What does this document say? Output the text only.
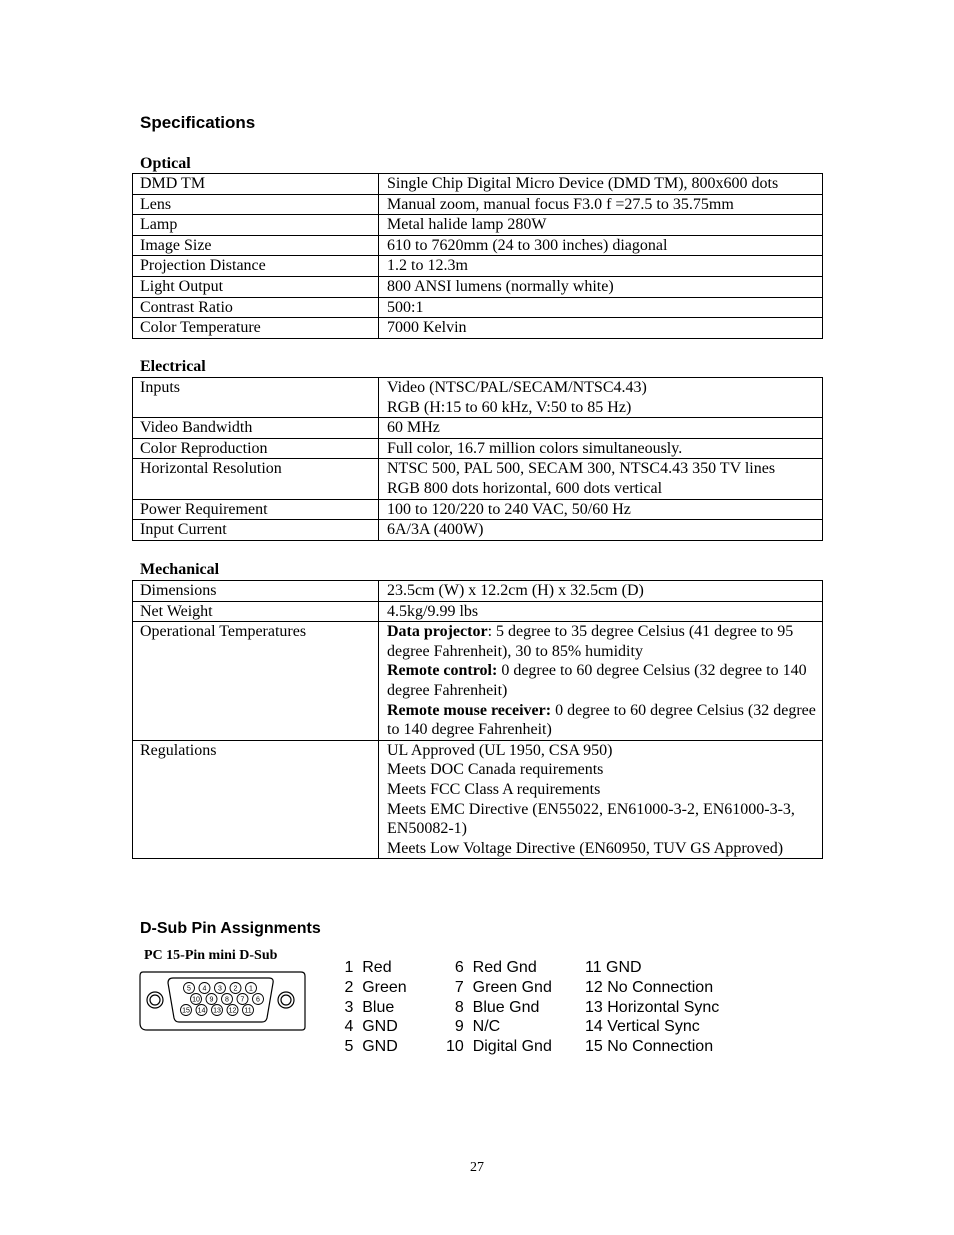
Specifications
Optical
DMD TM	Single Chip Digital Micro Device (DMD TM), 800x600 dots
Lens	Manual zoom, manual focus F3.0 f =27.5 to 35.75mm
Lamp	Metal halide lamp 280W
Image Size	610 to 7620mm (24 to 300 inches) diagonal
Projection Distance	1.2 to 12.3m
Light Output	800 ANSI lumens (normally white)
Contrast Ratio	500:1
Color Temperature	7000 Kelvin
Electrical
Inputs	Video (NTSC/PAL/SECAM/NTSC4.43)
RGB (H:15 to 60 kHz, V:50 to 85 Hz)

Video Bandwidth	60 MHz

Color Reproduction	Full color, 16.7 million colors simultaneously.

Horizontal Resolution	NTSC 500, PAL 500, SECAM 300, NTSC4.43 350 TV lines
RGB 800 dots horizontal, 600 dots vertical

Power Requirement	100 to 120/220 to 240 VAC, 50/60 Hz

Input Current	6A/3A (400W)
Mechanical
Dimensions	23.5cm (W) x 12.2cm (H) x 32.5cm (D)
Net Weight	4.5kg/9.99 lbs
Operational Temperatures	Data projector: 5 degree to 35 degree Celsius (41 degree to 95 degree Fahrenheit), 30 to 85% humidity
Remote control: 0 degree to 60 degree Celsius (32 degree to 140 degree Fahrenheit)
Remote mouse receiver: 0 degree to 60 degree Celsius (32 degree to 140 degree Fahrenheit)

Regulations	UL Approved (UL 1950, CSA 950)
Meets DOC Canada requirements
Meets FCC Class A requirements
Meets EMC Directive (EN55022, EN61000-3-2, EN61000-3-3, EN50082-1)
Meets Low Voltage Directive (EN60950, TUV GS Approved)
D-Sub Pin Assignments
PC 15-Pin mini D-Sub
5 4 3 2 1
10 9 8 7 6
15 14 13 12 11
1  Red
2  Green
3  Blue
4  GND
5  GND
6  Red Gnd
7  Green Gnd
8  Blue Gnd
9  N/C
10  Digital Gnd
11 GND
12 No Connection
13 Horizontal Sync
14 Vertical Sync
15 No Connection
27
